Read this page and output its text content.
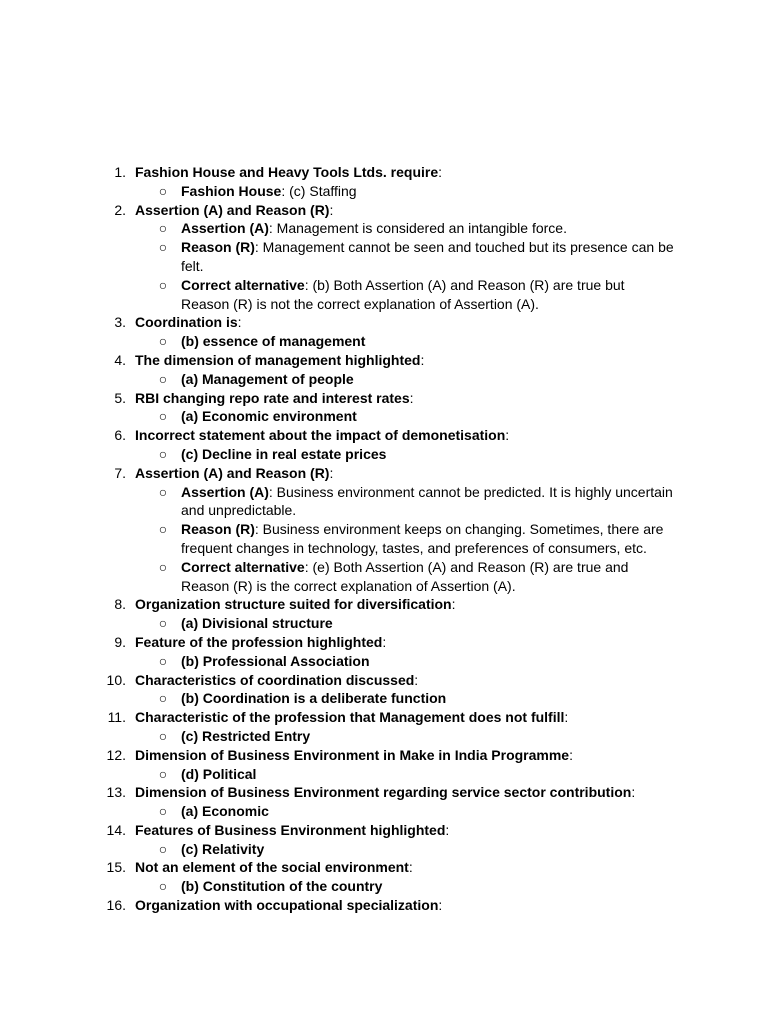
1. Fashion House and Heavy Tools Ltds. require:
○ Fashion House: (c) Staffing
2. Assertion (A) and Reason (R):
○ Assertion (A): Management is considered an intangible force.
○ Reason (R): Management cannot be seen and touched but its presence can be felt.
○ Correct alternative: (b) Both Assertion (A) and Reason (R) are true but Reason (R) is not the correct explanation of Assertion (A).
3. Coordination is:
○ (b) essence of management
4. The dimension of management highlighted:
○ (a) Management of people
5. RBI changing repo rate and interest rates:
○ (a) Economic environment
6. Incorrect statement about the impact of demonetisation:
○ (c) Decline in real estate prices
7. Assertion (A) and Reason (R):
○ Assertion (A): Business environment cannot be predicted. It is highly uncertain and unpredictable.
○ Reason (R): Business environment keeps on changing. Sometimes, there are frequent changes in technology, tastes, and preferences of consumers, etc.
○ Correct alternative: (e) Both Assertion (A) and Reason (R) are true and Reason (R) is the correct explanation of Assertion (A).
8. Organization structure suited for diversification:
○ (a) Divisional structure
9. Feature of the profession highlighted:
○ (b) Professional Association
10. Characteristics of coordination discussed:
○ (b) Coordination is a deliberate function
11. Characteristic of the profession that Management does not fulfill:
○ (c) Restricted Entry
12. Dimension of Business Environment in Make in India Programme:
○ (d) Political
13. Dimension of Business Environment regarding service sector contribution:
○ (a) Economic
14. Features of Business Environment highlighted:
○ (c) Relativity
15. Not an element of the social environment:
○ (b) Constitution of the country
16. Organization with occupational specialization:
